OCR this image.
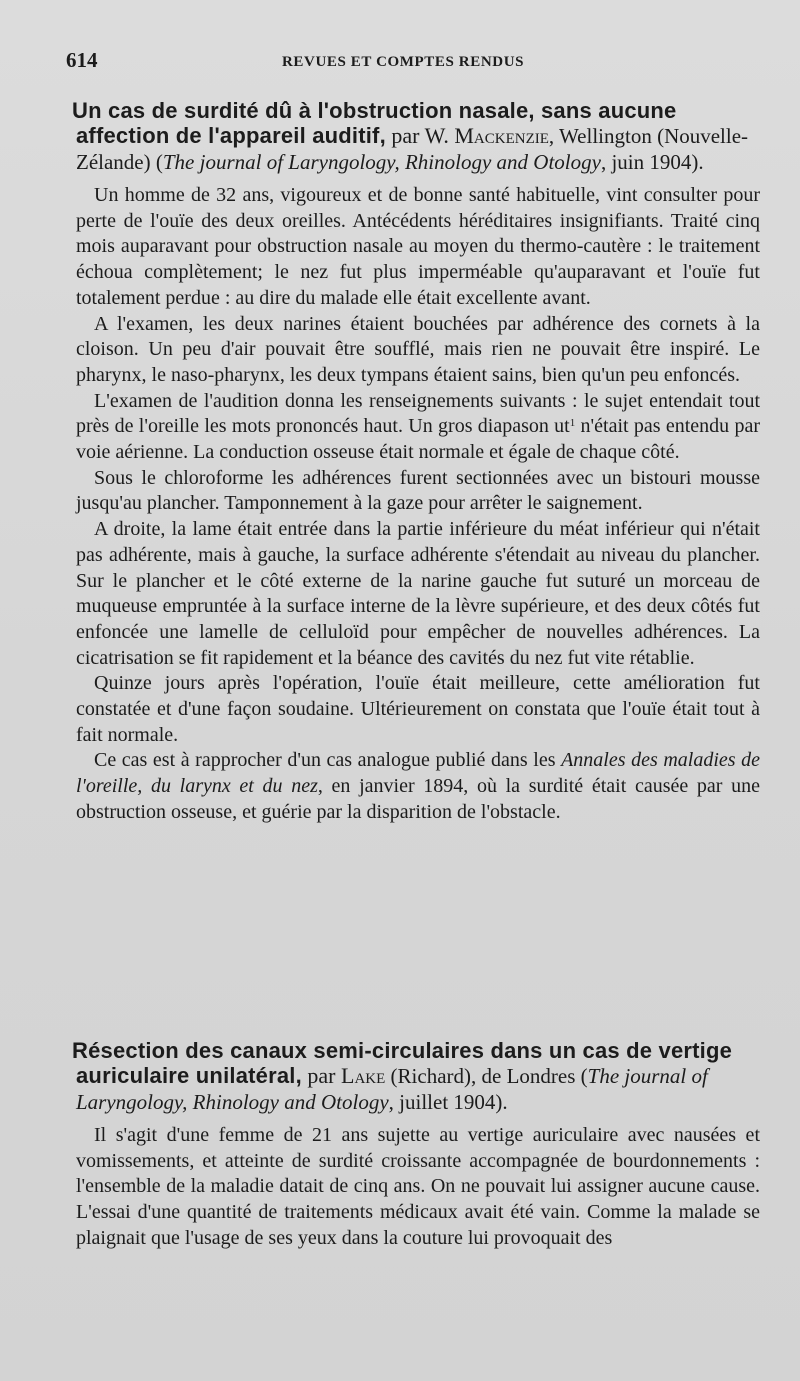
614	REVUES ET COMPTES RENDUS

Un cas de surdité dû à l'obstruction nasale, sans aucune affection de l'appareil auditif, par W. Mackenzie, Wellington (Nouvelle-Zélande) (The journal of Laryngology, Rhinology and Otology, juin 1904).

Un homme de 32 ans, vigoureux et de bonne santé habituelle, vint consulter pour perte de l'ouïe des deux oreilles. Antécédents héréditaires insignifiants. Traité cinq mois auparavant pour obstruction nasale au moyen du thermo-cautère : le traitement échoua complètement; le nez fut plus imperméable qu'auparavant et l'ouïe fut totalement perdue : au dire du malade elle était excellente avant.

A l'examen, les deux narines étaient bouchées par adhérence des cornets à la cloison. Un peu d'air pouvait être soufflé, mais rien ne pouvait être inspiré. Le pharynx, le naso-pharynx, les deux tympans étaient sains, bien qu'un peu enfoncés.

L'examen de l'audition donna les renseignements suivants : le sujet entendait tout près de l'oreille les mots prononcés haut. Un gros diapason $ut^1$ n'était pas entendu par voie aérienne. La conduction osseuse était normale et égale de chaque côté.

Sous le chloroforme les adhérences furent sectionnées avec un bistouri mousse jusqu'au plancher. Tamponnement à la gaze pour arrêter le saignement.

A droite, la lame était entrée dans la partie inférieure du méat inférieur qui n'était pas adhérente, mais à gauche, la surface adhérente s'étendait au niveau du plancher. Sur le plancher et le côté externe de la narine gauche fut suturé un morceau de muqueuse empruntée à la surface interne de la lèvre supérieure, et des deux côtés fut enfoncée une lamelle de celluloïd pour empêcher de nouvelles adhérences. La cicatrisation se fit rapidement et la béance des cavités du nez fut vite rétablie.

Quinze jours après l'opération, l'ouïe était meilleure, cette amélioration fut constatée et d'une façon soudaine. Ultérieurement on constata que l'ouïe était tout à fait normale.

Ce cas est à rapprocher d'un cas analogue publié dans les Annales des maladies de l'oreille, du larynx et du nez, en janvier 1894, où la surdité était causée par une obstruction osseuse, et guérie par la disparition de l'obstacle.

Résection des canaux semi-circulaires dans un cas de vertige auriculaire unilatéral, par Lake (Richard), de Londres (The journal of Laryngology, Rhinology and Otology, juillet 1904).

Il s'agit d'une femme de 21 ans sujette au vertige auriculaire avec nausées et vomissements, et atteinte de surdité croissante accompagnée de bourdonnements : l'ensemble de la maladie datait de cinq ans. On ne pouvait lui assigner aucune cause. L'essai d'une quantité de traitements médicaux avait été vain. Comme la malade se plaignait que l'usage de ses yeux dans la couture lui provoquait des
